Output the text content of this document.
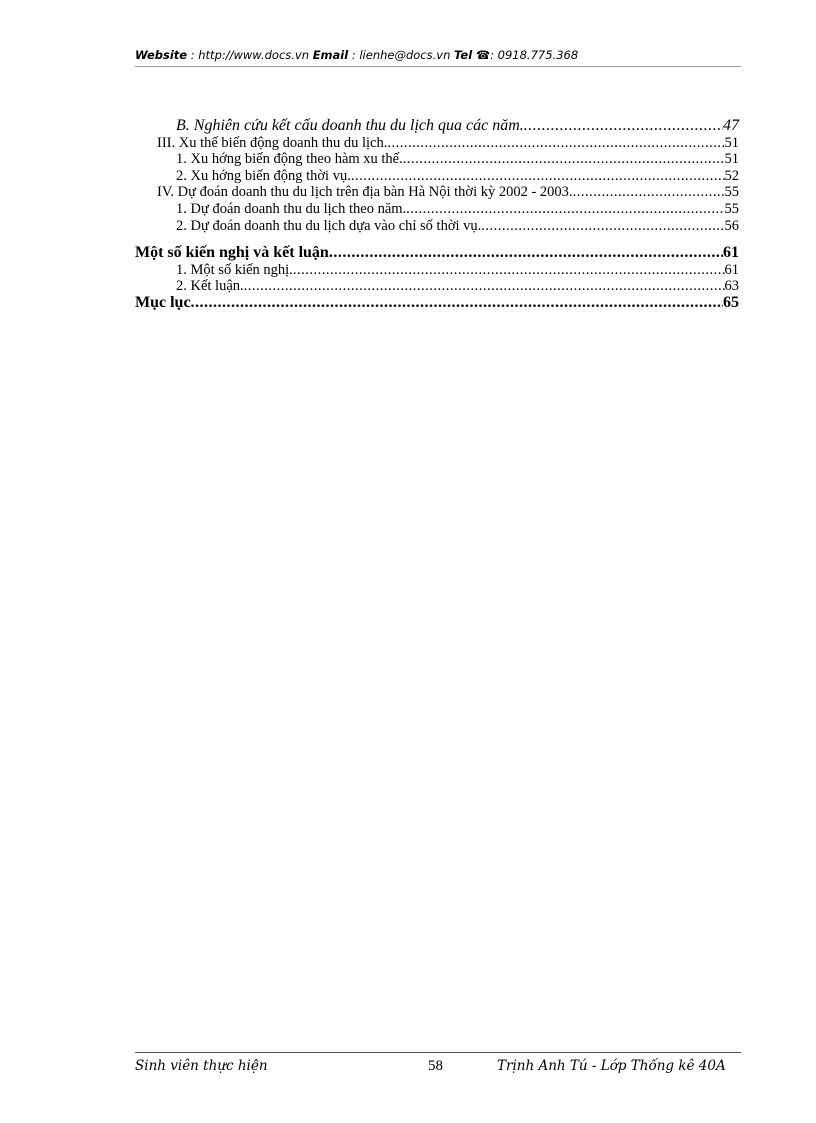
Website : http://www.docs.vn Email : lienhe@docs.vn Tel ☎: 0918.775.368
B. Nghiên cứu kết cấu doanh thu du lịch qua các năm. .....	47
III. Xu thế biến động doanh thu du lịch. .....	51
1. Xu hớng biến động theo hàm xu thế. .....	51
2. Xu hớng biến động thời vụ. .....	52
IV. Dự đoán doanh thu du lịch trên địa bàn Hà Nội thời kỳ 2002 - 2003. .....	55
1. Dự đoán doanh thu du lịch theo năm. .....	55
2. Dự đoán doanh thu du lịch dựa vào chỉ số thời vụ. .....	56
Một số kiến nghị và kết luận .....	61
1. Một số kiến nghị. .....	61
2. Kết luận. .....	63
Mục lục .....	65
Sinh viên thực hiện	58	Trịnh Anh Tú - Lớp Thống kê 40A
